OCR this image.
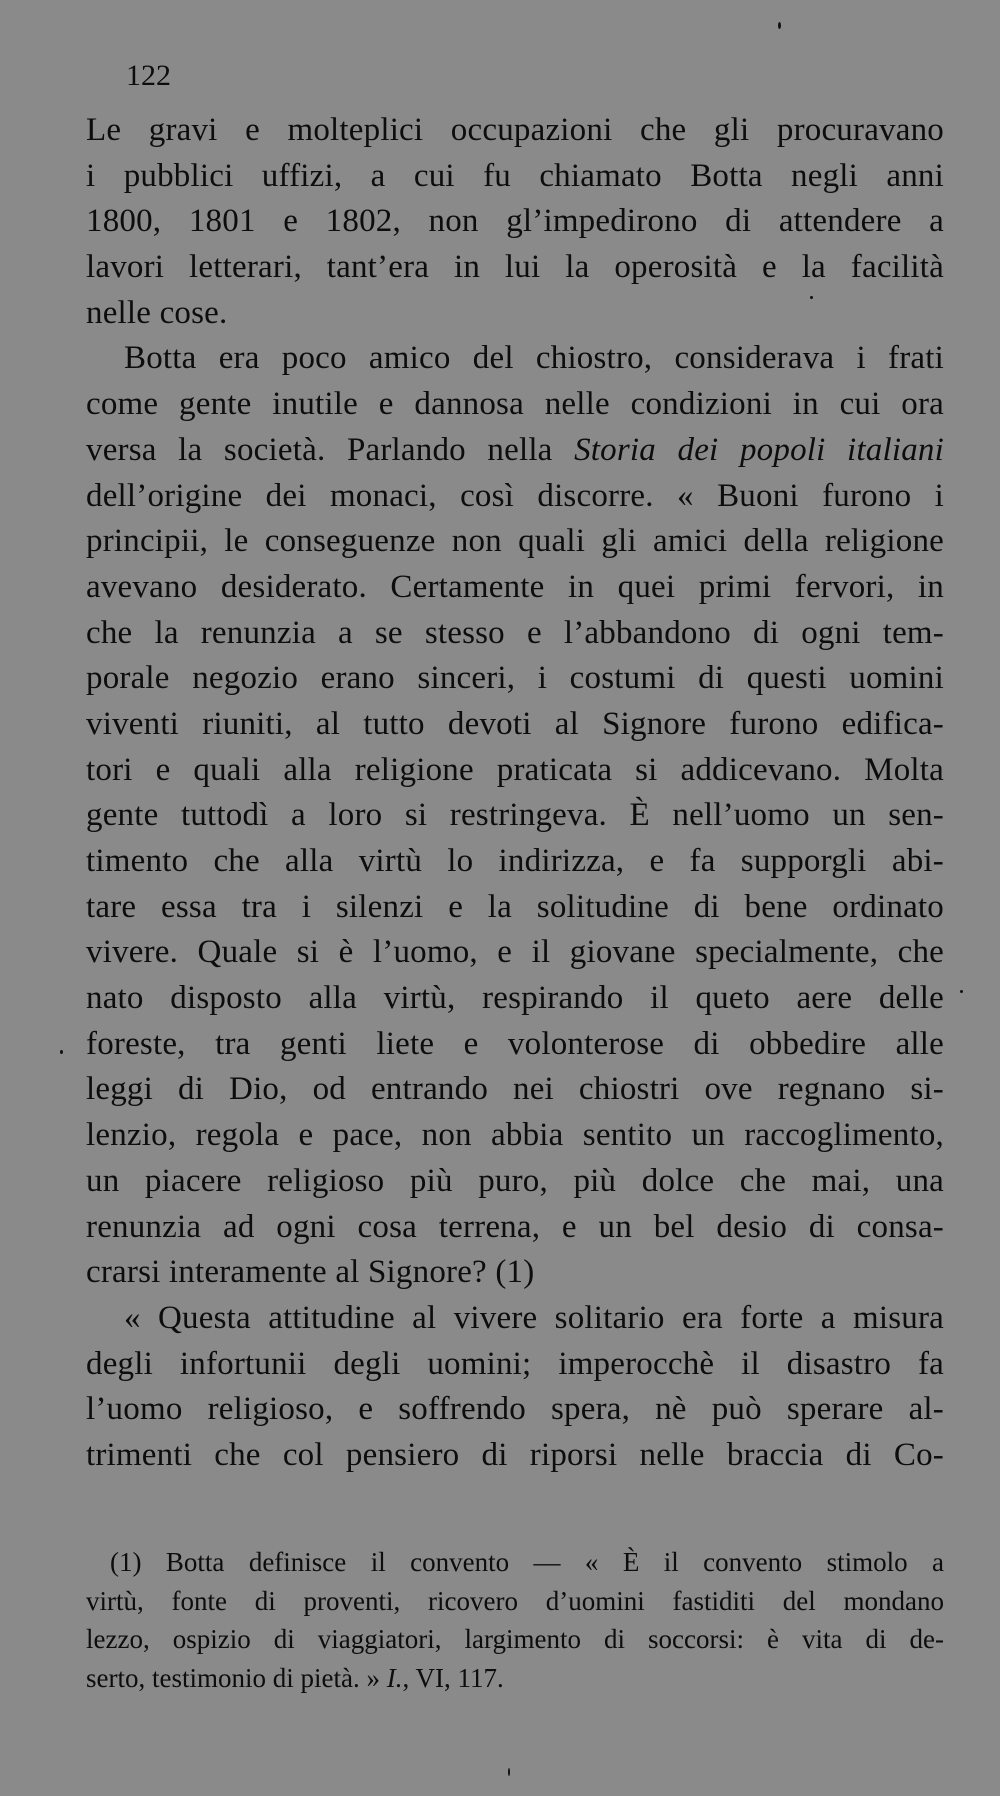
122
Le gravi e molteplici occupazioni che gli procuravano
i pubblici uffizi, a cui fu chiamato Botta negli anni
1800, 1801 e 1802, non gl’impedirono di attendere a
lavori letterari, tant’era in lui la operosità e la facilità
nelle cose.
Botta era poco amico del chiostro, considerava i frati
come gente inutile e dannosa nelle condizioni in cui ora
versa la società. Parlando nella Storia dei popoli italiani
dell’origine dei monaci, così discorre. « Buoni furono i
principii, le conseguenze non quali gli amici della religione
avevano desiderato. Certamente in quei primi fervori, in
che la renunzia a se stesso e l’abbandono di ogni tem-
porale negozio erano sinceri, i costumi di questi uomini
viventi riuniti, al tutto devoti al Signore furono edifica-
tori e quali alla religione praticata si addicevano. Molta
gente tuttodì a loro si restringeva. È nell’uomo un sen-
timento che alla virtù lo indirizza, e fa supporgli abi-
tare essa tra i silenzi e la solitudine di bene ordinato
vivere. Quale si è l’uomo, e il giovane specialmente, che
nato disposto alla virtù, respirando il queto aere delle
foreste, tra genti liete e volonterose di obbedire alle
leggi di Dio, od entrando nei chiostri ove regnano si-
lenzio, regola e pace, non abbia sentito un raccoglimento,
un piacere religioso più puro, più dolce che mai, una
renunzia ad ogni cosa terrena, e un bel desio di consa-
crarsi interamente al Signore? (1)
« Questa attitudine al vivere solitario era forte a misura
degli infortunii degli uomini; imperocchè il disastro fa
l’uomo religioso, e soffrendo spera, nè può sperare al-
trimenti che col pensiero di riporsi nelle braccia di Co-
(1) Botta definisce il convento — « È il convento stimolo a
virtù, fonte di proventi, ricovero d’uomini fastiditi del mondano
lezzo, ospizio di viaggiatori, largimento di soccorsi: è vita di de-
serto, testimonio di pietà. » I., VI, 117.
